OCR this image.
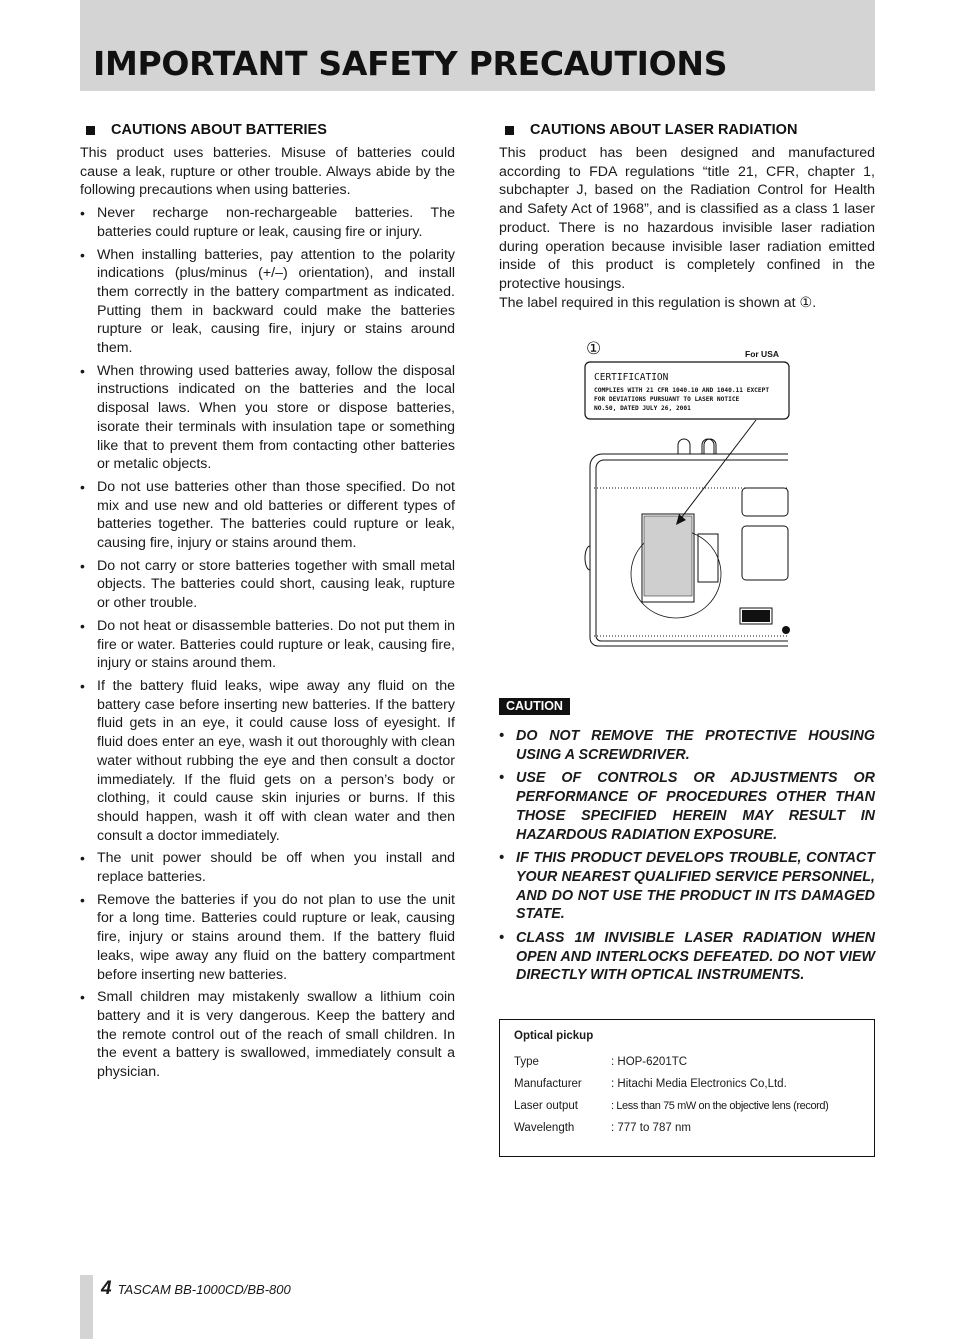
IMPORTANT SAFETY PRECAUTIONS
CAUTIONS ABOUT BATTERIES

This product uses batteries. Misuse of batteries could cause a leak, rupture or other trouble. Always abide by the following precautions when using batteries.

• Never recharge non-rechargeable batteries. The batteries could rupture or leak, causing fire or injury.
• When installing batteries, pay attention to the polarity indications (plus/minus (+/–) orientation), and install them correctly in the battery compartment as indicated. Putting them in backward could make the batteries rupture or leak, causing fire, injury or stains around them.
• When throwing used batteries away, follow the disposal instructions indicated on the batteries and the local disposal laws. When you store or dispose batteries, isorate their terminals with insulation tape or something like that to prevent them from contacting other batteries or metalic objects.
• Do not use batteries other than those specified. Do not mix and use new and old batteries or different types of batteries together. The batteries could rupture or leak, causing fire, injury or stains around them.
• Do not carry or store batteries together with small metal objects. The batteries could short, causing leak, rupture or other trouble.
• Do not heat or disassemble batteries. Do not put them in fire or water. Batteries could rupture or leak, causing fire, injury or stains around them.
• If the battery fluid leaks, wipe away any fluid on the battery case before inserting new batteries. If the battery fluid gets in an eye, it could cause loss of eyesight. If fluid does enter an eye, wash it out thoroughly with clean water without rubbing the eye and then consult a doctor immediately. If the fluid gets on a person’s body or clothing, it could cause skin injuries or burns. If this should happen, wash it off with clean water and then consult a doctor immediately.
• The unit power should be off when you install and replace batteries.
• Remove the batteries if you do not plan to use the unit for a long time. Batteries could rupture or leak, causing fire, injury or stains around them. If the battery fluid leaks, wipe away any fluid on the battery compartment before inserting new batteries.
• Small children may mistakenly swallow a lithium coin battery and it is very dangerous. Keep the battery and the remote control out of the reach of small children. In the event a battery is swallowed, immediately consult a physician.
CAUTIONS ABOUT LASER RADIATION

This product has been designed and manufactured according to FDA regulations “title 21, CFR, chapter 1, subchapter J, based on the Radiation Control for Health and Safety Act of 1968”, and is classified as a class 1 laser product. There is no hazardous invisible laser radiation during operation because invisible laser radiation emitted inside of this product is completely confined in the protective housings.

The label required in this regulation is shown at ①.

①	For USA
CERTIFICATION
COMPLIES WITH 21 CFR 1040.10 AND 1040.11 EXCEPT
FOR DEVIATIONS PURSUANT TO LASER NOTICE
NO.50, DATED JULY 26, 2001
CAUTION
• DO NOT REMOVE THE PROTECTIVE HOUSING USING A SCREWDRIVER.
• USE OF CONTROLS OR ADJUSTMENTS OR PERFORMANCE OF PROCEDURES OTHER THAN THOSE SPECIFIED HEREIN MAY RESULT IN HAZARDOUS RADIATION EXPOSURE.
• IF THIS PRODUCT DEVELOPS TROUBLE, CONTACT YOUR NEAREST QUALIFIED SERVICE PERSONNEL, AND DO NOT USE THE PRODUCT IN ITS DAMAGED STATE.
• CLASS 1M INVISIBLE LASER RADIATION WHEN OPEN AND INTERLOCKS DEFEATED. DO NOT VIEW DIRECTLY WITH OPTICAL INSTRUMENTS.
Optical pickup
Type	: HOP-6201TC
Manufacturer	: Hitachi Media Electronics Co,Ltd.
Laser output	: Less than 75 mW on the objective lens (record)
Wavelength	: 777 to 787 nm
4 TASCAM BB-1000CD/BB-800
